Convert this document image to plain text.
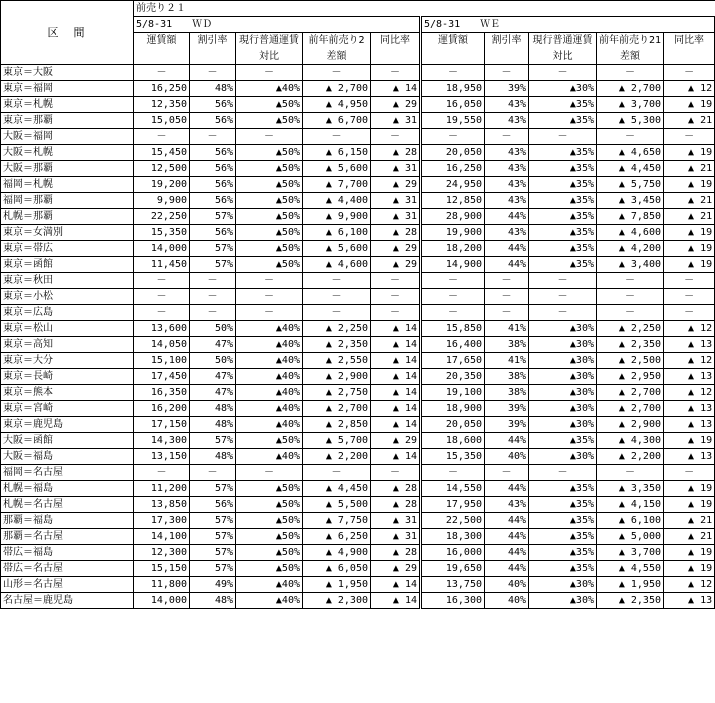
区　間	前売り２１									
	5/8-31　　ＷＤ					5/8-31　　ＷＥ				
	運賃額	割引率	現行普通運賃	前年前売り2	同比率	運賃額	割引率	現行普通運賃	前年前売り21	同比率
			対比	差額				対比	差額	
東京＝大阪	－	－	－	－	－	－	－	－	－	－
東京＝福岡	16,250	48%	▲40%	▲ 2,700	▲ 14	18,950	39%	▲30%	▲ 2,700	▲ 12
東京＝札幌	12,350	56%	▲50%	▲ 4,950	▲ 29	16,050	43%	▲35%	▲ 3,700	▲ 19
東京＝那覇	15,050	56%	▲50%	▲ 6,700	▲ 31	19,550	43%	▲35%	▲ 5,300	▲ 21
大阪＝福岡	－	－	－	－	－	－	－	－	－	－
大阪＝札幌	15,450	56%	▲50%	▲ 6,150	▲ 28	20,050	43%	▲35%	▲ 4,650	▲ 19
大阪＝那覇	12,500	56%	▲50%	▲ 5,600	▲ 31	16,250	43%	▲35%	▲ 4,450	▲ 21
福岡＝札幌	19,200	56%	▲50%	▲ 7,700	▲ 29	24,950	43%	▲35%	▲ 5,750	▲ 19
福岡＝那覇	9,900	56%	▲50%	▲ 4,400	▲ 31	12,850	43%	▲35%	▲ 3,450	▲ 21
札幌＝那覇	22,250	57%	▲50%	▲ 9,900	▲ 31	28,900	44%	▲35%	▲ 7,850	▲ 21
東京＝女満別	15,350	56%	▲50%	▲ 6,100	▲ 28	19,900	43%	▲35%	▲ 4,600	▲ 19
東京＝帯広	14,000	57%	▲50%	▲ 5,600	▲ 29	18,200	44%	▲35%	▲ 4,200	▲ 19
東京＝函館	11,450	57%	▲50%	▲ 4,600	▲ 29	14,900	44%	▲35%	▲ 3,400	▲ 19
東京＝秋田	－	－	－	－	－	－	－	－	－	－
東京＝小松	－	－	－	－	－	－	－	－	－	－
東京＝広島	－	－	－	－	－	－	－	－	－	－
東京＝松山	13,600	50%	▲40%	▲ 2,250	▲ 14	15,850	41%	▲30%	▲ 2,250	▲ 12
東京＝高知	14,050	47%	▲40%	▲ 2,350	▲ 14	16,400	38%	▲30%	▲ 2,350	▲ 13
東京＝大分	15,100	50%	▲40%	▲ 2,550	▲ 14	17,650	41%	▲30%	▲ 2,500	▲ 12
東京＝長崎	17,450	47%	▲40%	▲ 2,900	▲ 14	20,350	38%	▲30%	▲ 2,950	▲ 13
東京＝熊本	16,350	47%	▲40%	▲ 2,750	▲ 14	19,100	38%	▲30%	▲ 2,700	▲ 12
東京＝宮崎	16,200	48%	▲40%	▲ 2,700	▲ 14	18,900	39%	▲30%	▲ 2,700	▲ 13
東京＝鹿児島	17,150	48%	▲40%	▲ 2,850	▲ 14	20,050	39%	▲30%	▲ 2,900	▲ 13
大阪＝函館	14,300	57%	▲50%	▲ 5,700	▲ 29	18,600	44%	▲35%	▲ 4,300	▲ 19
大阪＝福島	13,150	48%	▲40%	▲ 2,200	▲ 14	15,350	40%	▲30%	▲ 2,200	▲ 13
福岡＝名古屋	－	－	－	－	－	－	－	－	－	－
札幌＝福島	11,200	57%	▲50%	▲ 4,450	▲ 28	14,550	44%	▲35%	▲ 3,350	▲ 19
札幌＝名古屋	13,850	56%	▲50%	▲ 5,500	▲ 28	17,950	43%	▲35%	▲ 4,150	▲ 19
那覇＝福島	17,300	57%	▲50%	▲ 7,750	▲ 31	22,500	44%	▲35%	▲ 6,100	▲ 21
那覇＝名古屋	14,100	57%	▲50%	▲ 6,250	▲ 31	18,300	44%	▲35%	▲ 5,000	▲ 21
帯広＝福島	12,300	57%	▲50%	▲ 4,900	▲ 28	16,000	44%	▲35%	▲ 3,700	▲ 19
帯広＝名古屋	15,150	57%	▲50%	▲ 6,050	▲ 29	19,650	44%	▲35%	▲ 4,550	▲ 19
山形＝名古屋	11,800	49%	▲40%	▲ 1,950	▲ 14	13,750	40%	▲30%	▲ 1,950	▲ 12
名古屋＝鹿児島	14,000	48%	▲40%	▲ 2,300	▲ 14	16,300	40%	▲30%	▲ 2,350	▲ 13
